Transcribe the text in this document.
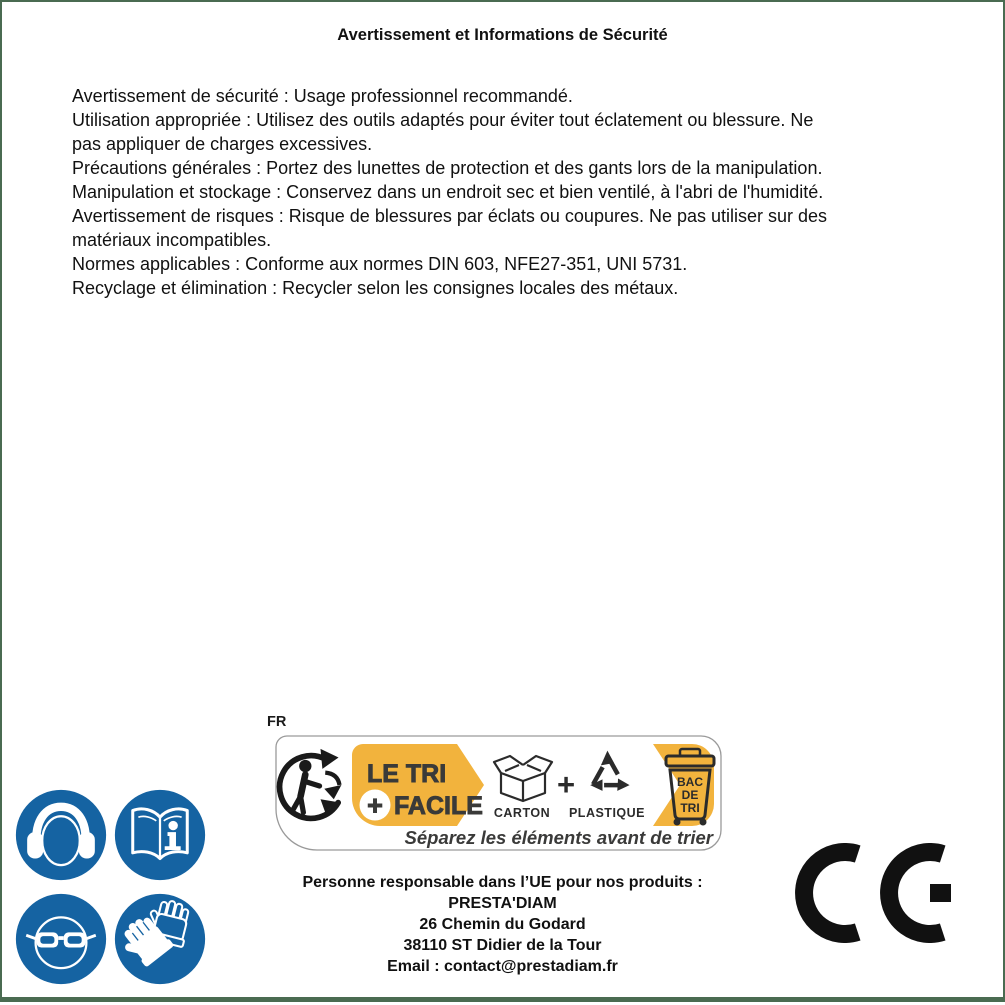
Avertissement et Informations de Sécurité
Avertissement de sécurité : Usage professionnel recommandé.
Utilisation appropriée : Utilisez des outils adaptés pour éviter tout éclatement ou blessure. Ne
pas appliquer de charges excessives.
Précautions générales : Portez des lunettes de protection et des gants lors de la manipulation.
Manipulation et stockage : Conservez dans un endroit sec et bien ventilé, à l'abri de l'humidité.
Avertissement de risques : Risque de blessures par éclats ou coupures. Ne pas utiliser sur des
matériaux incompatibles.
Normes applicables : Conforme aux normes DIN 603, NFE27-351, UNI 5731.
Recyclage et élimination : Recycler selon les consignes locales des métaux.
FR
LE TRI
+ FACILE CARTON
+
PLASTIQUE
BAC
DE
TRI
Séparez les éléments avant de trier
Personne responsable dans l’UE pour nos produits :
PRESTA'DIAM
26 Chemin du Godard
38110 ST Didier de la Tour
Email : contact@prestadiam.fr
